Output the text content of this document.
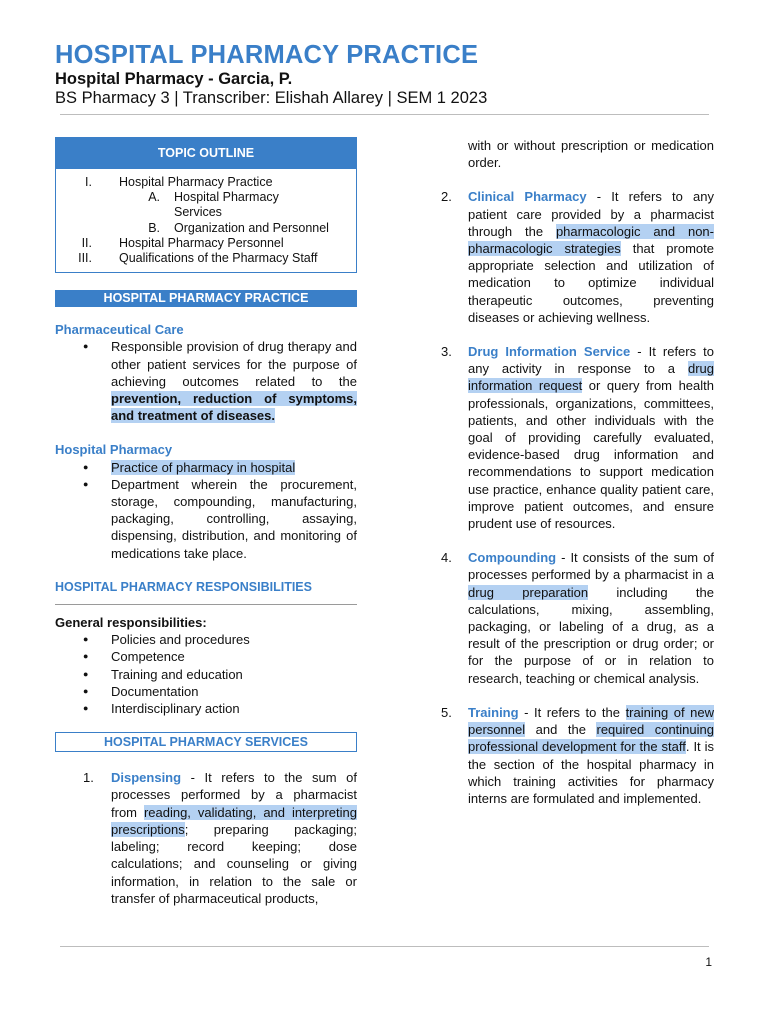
HOSPITAL PHARMACY PRACTICE

Hospital Pharmacy - Garcia, P.

BS Pharmacy 3 | Transcriber: Elishah Allarey | SEM 1 2023

TOPIC OUTLINE
I.	Hospital Pharmacy Practice
A.	Hospital Pharmacy
Services
B.	Organization and Personnel
II.	Hospital Pharmacy Personnel
III.	Qualifications of the Pharmacy Staff
HOSPITAL PHARMACY PRACTICE
Pharmaceutical Care
● Responsible provision of drug therapy and other patient services for the purpose of achieving outcomes related to the prevention, reduction of symptoms, and treatment of diseases.
Hospital Pharmacy
● Practice of pharmacy in hospital
● Department wherein the procurement, storage, compounding, manufacturing, packaging, controlling, assaying, dispensing, distribution, and monitoring of medications take place.
HOSPITAL PHARMACY RESPONSIBILITIES
General responsibilities:
● Policies and procedures
● Competence
● Training and education
● Documentation
● Interdisciplinary action
HOSPITAL PHARMACY SERVICES
1. Dispensing - It refers to the sum of processes performed by a pharmacist from reading, validating, and interpreting prescriptions; preparing packaging; labeling; record keeping; dose calculations; and counseling or giving information, in relation to the sale or transfer of pharmaceutical products,
with or without prescription or medication order.
2. Clinical Pharmacy - It refers to any patient care provided by a pharmacist through the pharmacologic and non-pharmacologic strategies that promote appropriate selection and utilization of medication to optimize individual therapeutic outcomes, preventing diseases or achieving wellness.
3. Drug Information Service - It refers to any activity in response to a drug information request or query from health professionals, organizations, committees, patients, and other individuals with the goal of providing carefully evaluated, evidence-based drug information and recommendations to support medication use practice, enhance quality patient care, improve patient outcomes, and ensure prudent use of resources.
4. Compounding - It consists of the sum of processes performed by a pharmacist in a drug preparation including the calculations, mixing, assembling, packaging, or labeling of a drug, as a result of the prescription or drug order; or for the purpose of or in relation to research, teaching or chemical analysis.
5. Training - It refers to the training of new personnel and the required continuing professional development for the staff. It is the section of the hospital pharmacy in which training activities for pharmacy interns are formulated and implemented.
1
